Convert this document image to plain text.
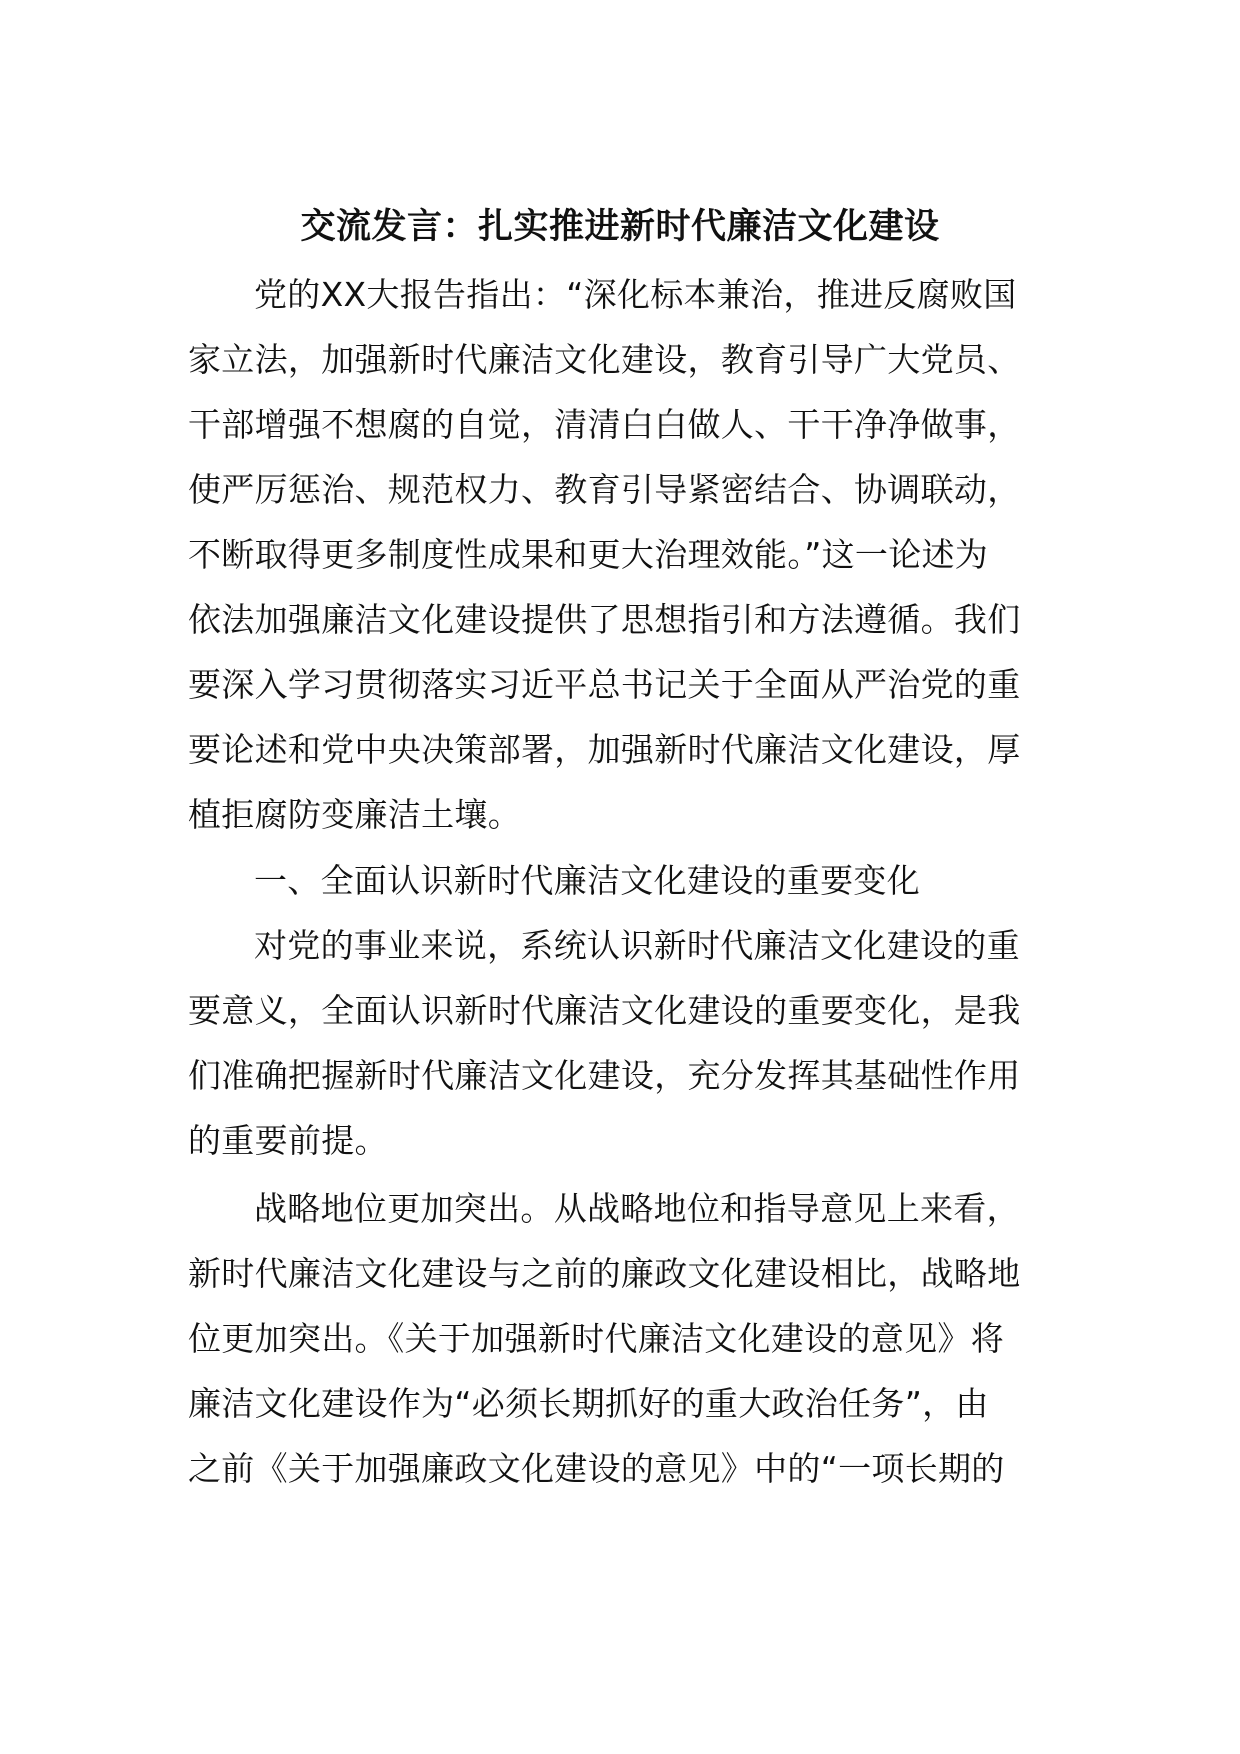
交流发言：扎实推进新时代廉洁文化建设
党的XX大报告指出：“深化标本兼治，推进反腐败国
家立法，加强新时代廉洁文化建设，教育引导广大党员、
干部增强不想腐的自觉，清清白白做人、干干净净做事，
使严厉惩治、规范权力、教育引导紧密结合、协调联动，
不断取得更多制度性成果和更大治理效能。”这一论述为
依法加强廉洁文化建设提供了思想指引和方法遵循。我们
要深入学习贯彻落实习近平总书记关于全面从严治党的重
要论述和党中央决策部署，加强新时代廉洁文化建设，厚
植拒腐防变廉洁土壤。
一、全面认识新时代廉洁文化建设的重要变化
对党的事业来说，系统认识新时代廉洁文化建设的重
要意义，全面认识新时代廉洁文化建设的重要变化，是我
们准确把握新时代廉洁文化建设，充分发挥其基础性作用
的重要前提。
战略地位更加突出。从战略地位和指导意见上来看，
新时代廉洁文化建设与之前的廉政文化建设相比，战略地
位更加突出。《关于加强新时代廉洁文化建设的意见》将
廉洁文化建设作为“必须长期抓好的重大政治任务”，由
之前《关于加强廉政文化建设的意见》中的“一项长期的
